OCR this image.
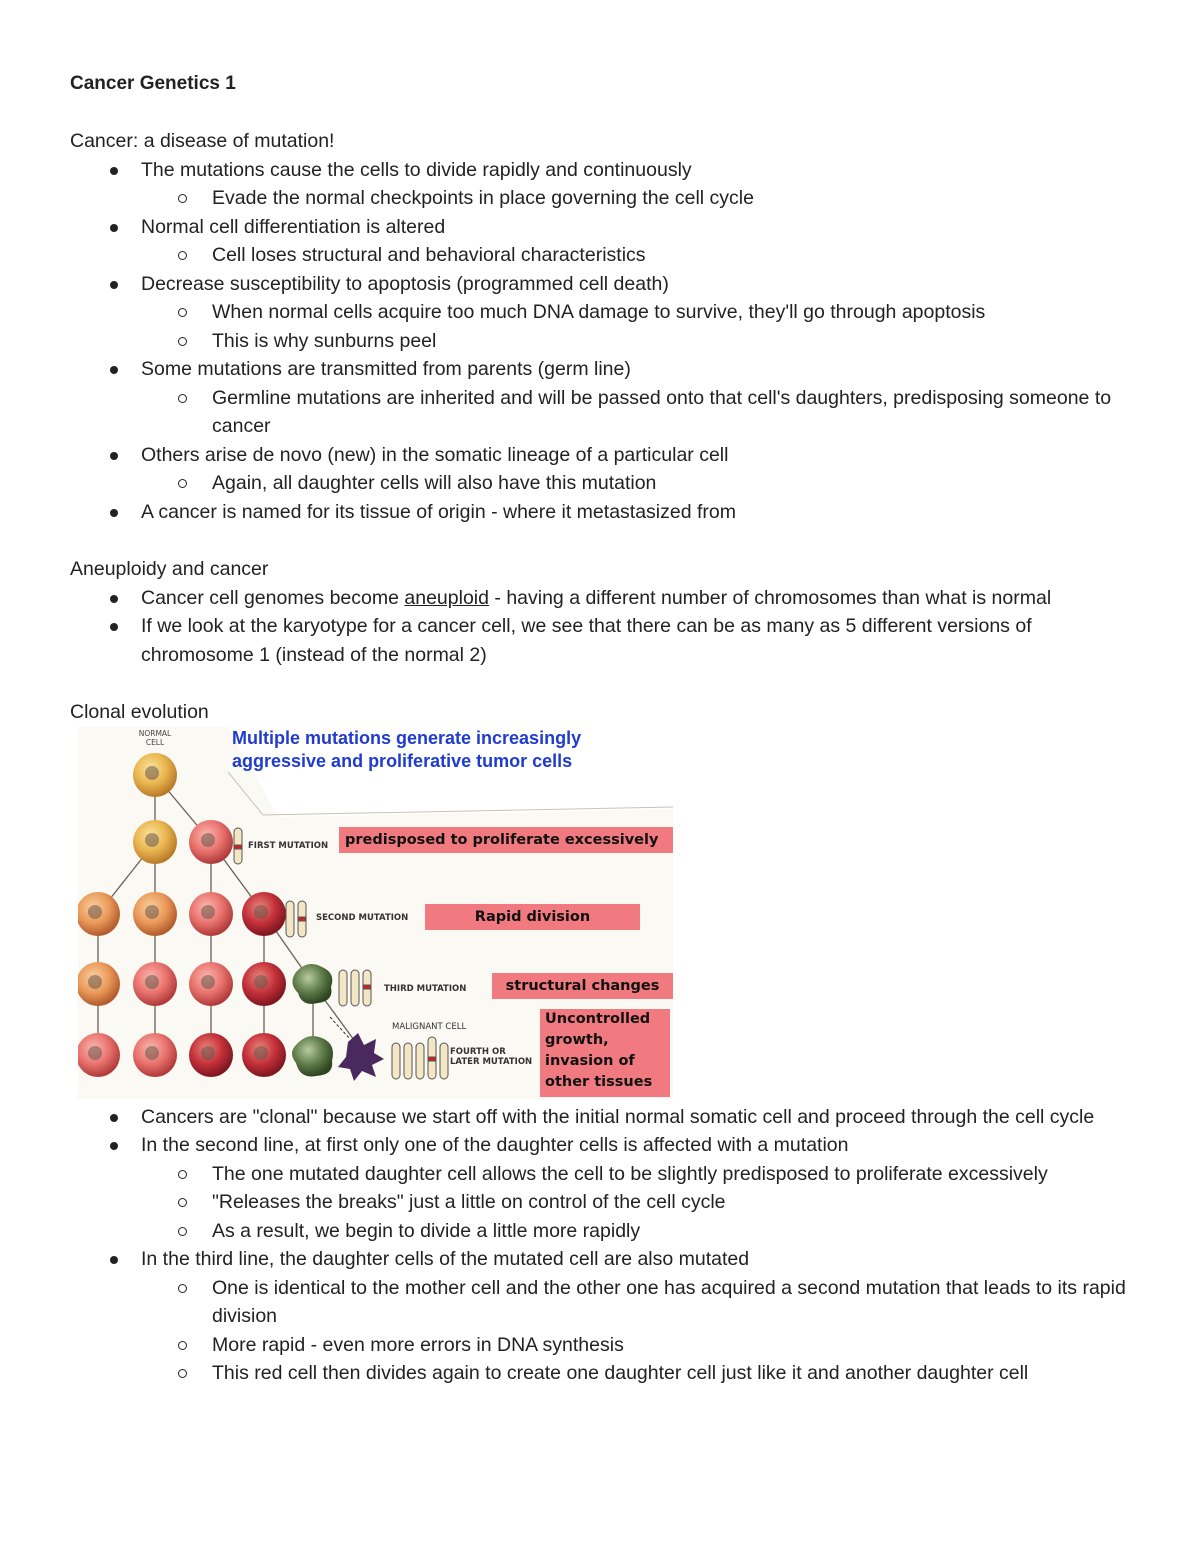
Cancer Genetics 1

Cancer: a disease of mutation!

The mutations cause the cells to divide rapidly and continuously
Evade the normal checkpoints in place governing the cell cycle
Normal cell differentiation is altered
Cell loses structural and behavioral characteristics
Decrease susceptibility to apoptosis (programmed cell death)
When normal cells acquire too much DNA damage to survive, they'll go through apoptosis
This is why sunburns peel
Some mutations are transmitted from parents (germ line)
Germline mutations are inherited and will be passed onto that cell's daughters, predisposing someone to cancer
Others arise de novo (new) in the somatic lineage of a particular cell
Again, all daughter cells will also have this mutation
A cancer is named for its tissue of origin - where it metastasized from

Aneuploidy and cancer

Cancer cell genomes become aneuploid - having a different number of chromosomes than what is normal
If we look at the karyotype for a cancer cell, we see that there can be as many as 5 different versions of chromosome 1 (instead of the normal 2)

Clonal evolution

NORMAL
CELL	Multiple mutations generate increasingly
aggressive and proliferative tumor cells
FIRST MUTATION
SECOND MUTATION
THIRD MUTATION
MALIGNANT CELL
FOURTH OR
LATER MUTATION
predisposed to proliferate excessively
Rapid division
structural changes
Uncontrolled
growth,
invasion of
other tissues
Cancers are "clonal" because we start off with the initial normal somatic cell and proceed through the cell cycle
In the second line, at first only one of the daughter cells is affected with a mutation
The one mutated daughter cell allows the cell to be slightly predisposed to proliferate excessively
"Releases the breaks" just a little on control of the cell cycle
As a result, we begin to divide a little more rapidly
In the third line, the daughter cells of the mutated cell are also mutated
One is identical to the mother cell and the other one has acquired a second mutation that leads to its rapid division
More rapid - even more errors in DNA synthesis
This red cell then divides again to create one daughter cell just like it and another daughter cell
